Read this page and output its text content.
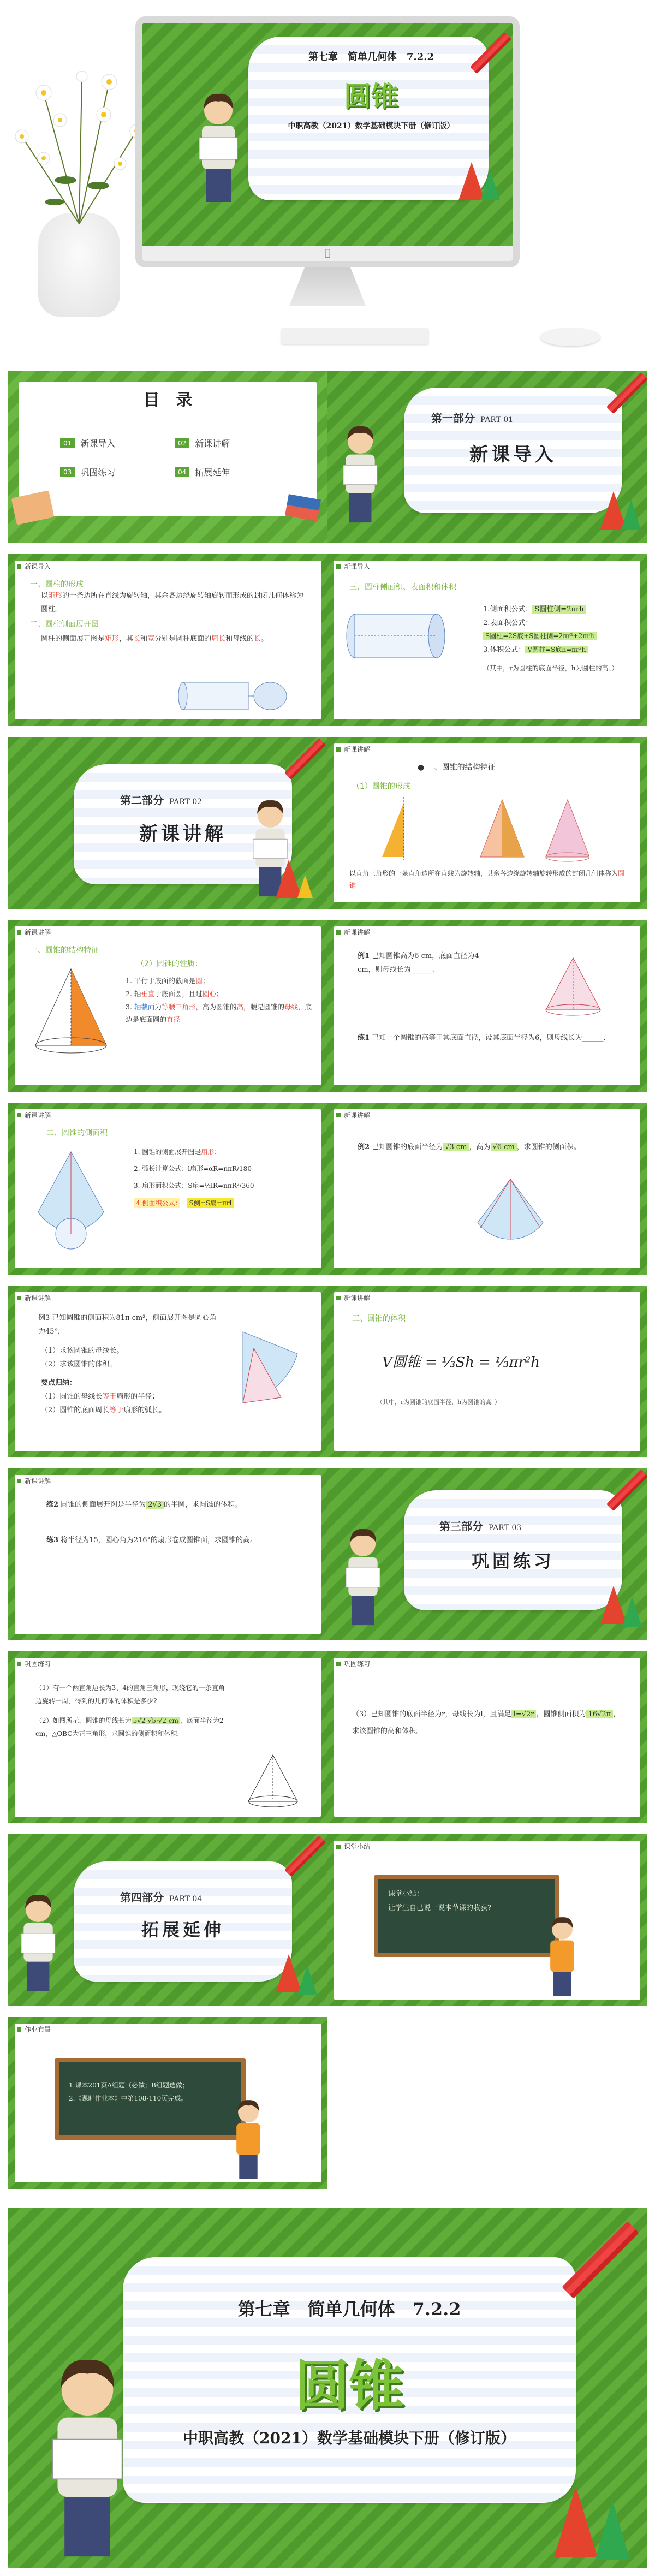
第七章　简单几何体　7.2.2
圆锥
中职高教（2021）数学基础模块下册（修订版）
目　录
01	新课导入	02	新课讲解
03	巩固练习	04	拓展延伸
第一部分 PART 01
新课导入
新课导入
一、圆柱的形成
以矩形的一条边所在直线为旋转轴，其余各边绕旋转轴旋转而形成的封闭几何体称为圆柱。
二、圆柱侧面展开图
圆柱的侧面展开图是矩形，其长和宽分别是圆柱底面的周长和母线的长。
新课导入
三、圆柱侧面积、表面积和体积
1.侧面积公式： S圆柱侧=2πrh
2.表面积公式：
S圆柱=2S底+S圆柱侧=2πr²+2πrh
3.体积公式： V圆柱=S底h=πr²h
（其中，r为圆柱的底面半径，h为圆柱的高。）
第二部分 PART 02
新课讲解
新课讲解
● 一、圆锥的结构特征
（1）圆锥的形成
以直角三角形的一条直角边所在直线为旋转轴，其余各边绕旋转轴旋转形成的封闭几何体称为圆锥
新课讲解
一、圆锥的结构特征
（2）圆锥的性质：
1. 平行于底面的截面是圆；
2. 轴垂直于底面圆，且过圆心；
3. 轴截面为等腰三角形，高为圆锥的高，腰是圆锥的母线，底边是底面圆的直径
新课讲解
例1 已知圆锥高为6 cm，底面直径为4 cm，则母线长为______.
练1 已知一个圆锥的高等于其底面直径，设其底面半径为6，则母线长为______.
新课讲解
二、圆锥的侧面积
1. 圆锥的侧面展开图是扇形；
2. 弧长计算公式：l扇形=αR=nπR/180
3. 扇形面积公式：S扇=½lR=nπR²/360
4.侧面积公式：　 S侧=S扇=πrl
新课讲解
例2 已知圆锥的底面半径为 √3 cm ，高为 √6 cm ，求圆锥的侧面积。
新课讲解
例3 已知圆锥的侧面积为81π cm²，侧面展开图是圆心角为45°，
（1）求该圆锥的母线长。
（2）求该圆锥的体积。
要点归纳：
（1）圆锥的母线长等于扇形的半径；
（2）圆锥的底面周长等于扇形的弧长。
新课讲解
三、圆锥的体积
V圆锥 = ⅓Sh = ⅓πr²h
（其中，r为圆锥的底面半径，h为圆锥的高。）
新课讲解
练2 圆锥的侧面展开图是半径为 2√3 的半圆，求圆锥的体积。
练3 将半径为15，圆心角为216°的扇形卷成圆锥面，求圆锥的高。
第三部分 PART 03
巩固练习
巩固练习
（1）有一个两直角边长为3、4的直角三角形，现绕它的一条直角边旋转一周，得到的几何体的体积是多少?
（2）如图所示，圆锥的母线长为 5√2-√5·√2 cm ，底面半径为2 cm，△OBC为正三角形，求圆锥的侧面积和体积.
巩固练习
（3）已知圆锥的底面半径为r，母线长为l，且满足 l=√2r ，圆锥侧面积为 16√2π ，求该圆锥的高和体积。
第四部分 PART 04
拓展延伸
课堂小结
课堂小结：
让学生自己说一说本节课的收获?
作业布置
1.课本201页A组题（必做；B组题选做；
2.《课时作业本》中第108-110页完成。
第七章　简单几何体　7.2.2
圆锥
中职高教（2021）数学基础模块下册（修订版）
